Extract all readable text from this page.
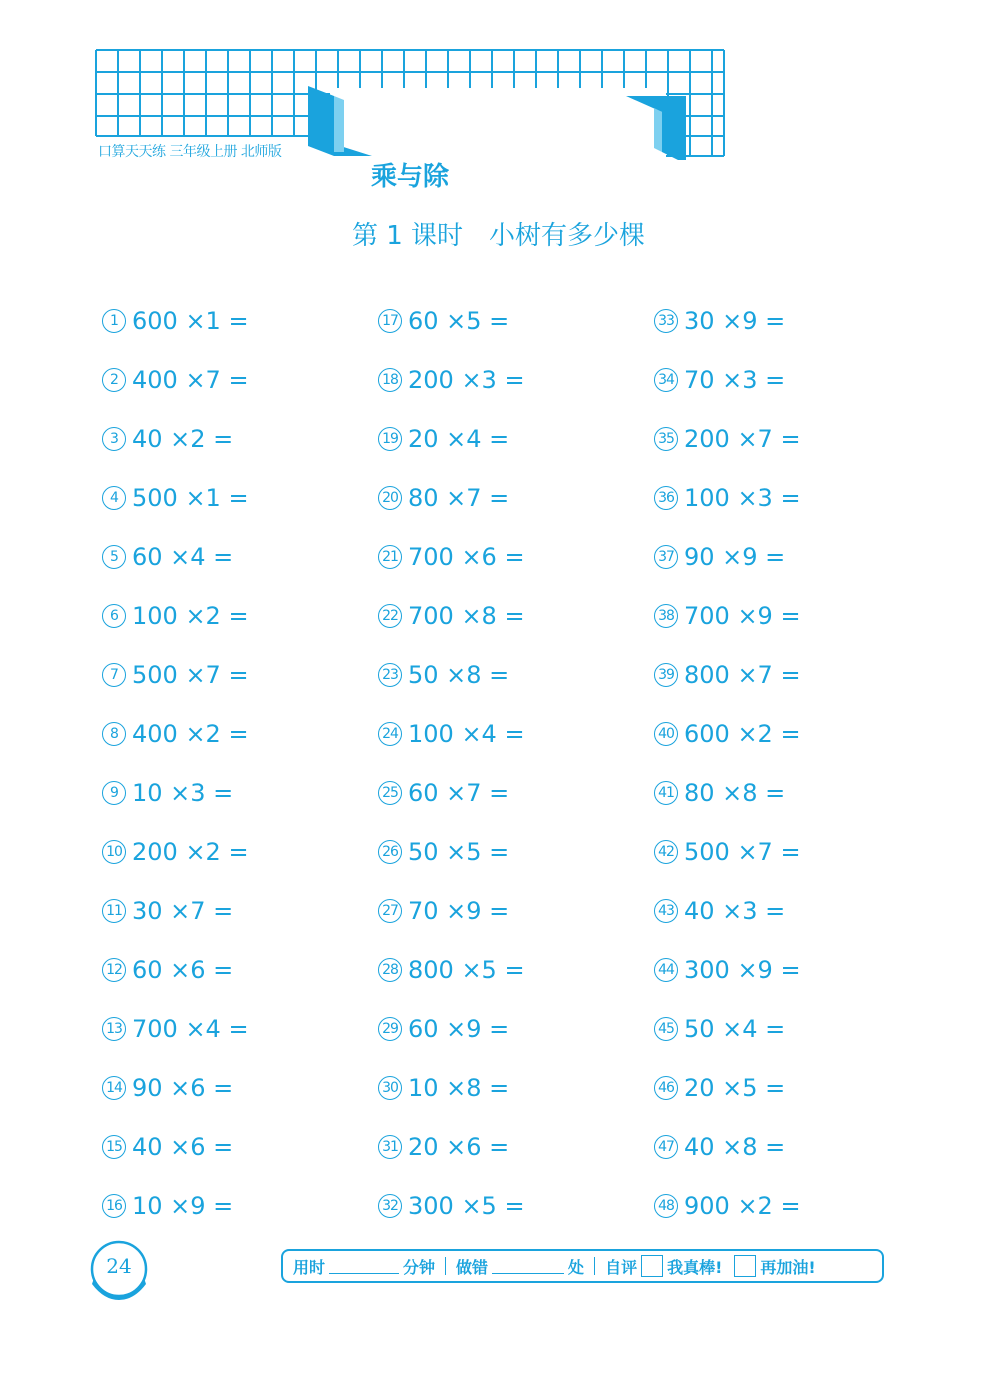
乘与除
口算天天练 三年级上册 北师版
第 1 课时 小树有多少棵
1 600 ×1 =
2 400 ×7 =
3 40 ×2 =
4 500 ×1 =
5 60 ×4 =
6 100 ×2 =
7 500 ×7 =
8 400 ×2 =
9 10 ×3 =
10 200 ×2 =
11 30 ×7 =
12 60 ×6 =
13 700 ×4 =
14 90 ×6 =
15 40 ×6 =
16 10 ×9 =
17 60 ×5 =
18 200 ×3 =
19 20 ×4 =
20 80 ×7 =
21 700 ×6 =
22 700 ×8 =
23 50 ×8 =
24 100 ×4 =
25 60 ×7 =
26 50 ×5 =
27 70 ×9 =
28 800 ×5 =
29 60 ×9 =
30 10 ×8 =
31 20 ×6 =
32 300 ×5 =
33 30 ×9 =
34 70 ×3 =
35 200 ×7 =
36 100 ×3 =
37 90 ×9 =
38 700 ×9 =
39 800 ×7 =
40 600 ×2 =
41 80 ×8 =
42 500 ×7 =
43 40 ×3 =
44 300 ×9 =
45 50 ×4 =
46 20 ×5 =
47 40 ×8 =
48 900 ×2 =
24	用时	分钟 做错	处 自评 我真棒! 再加油!
